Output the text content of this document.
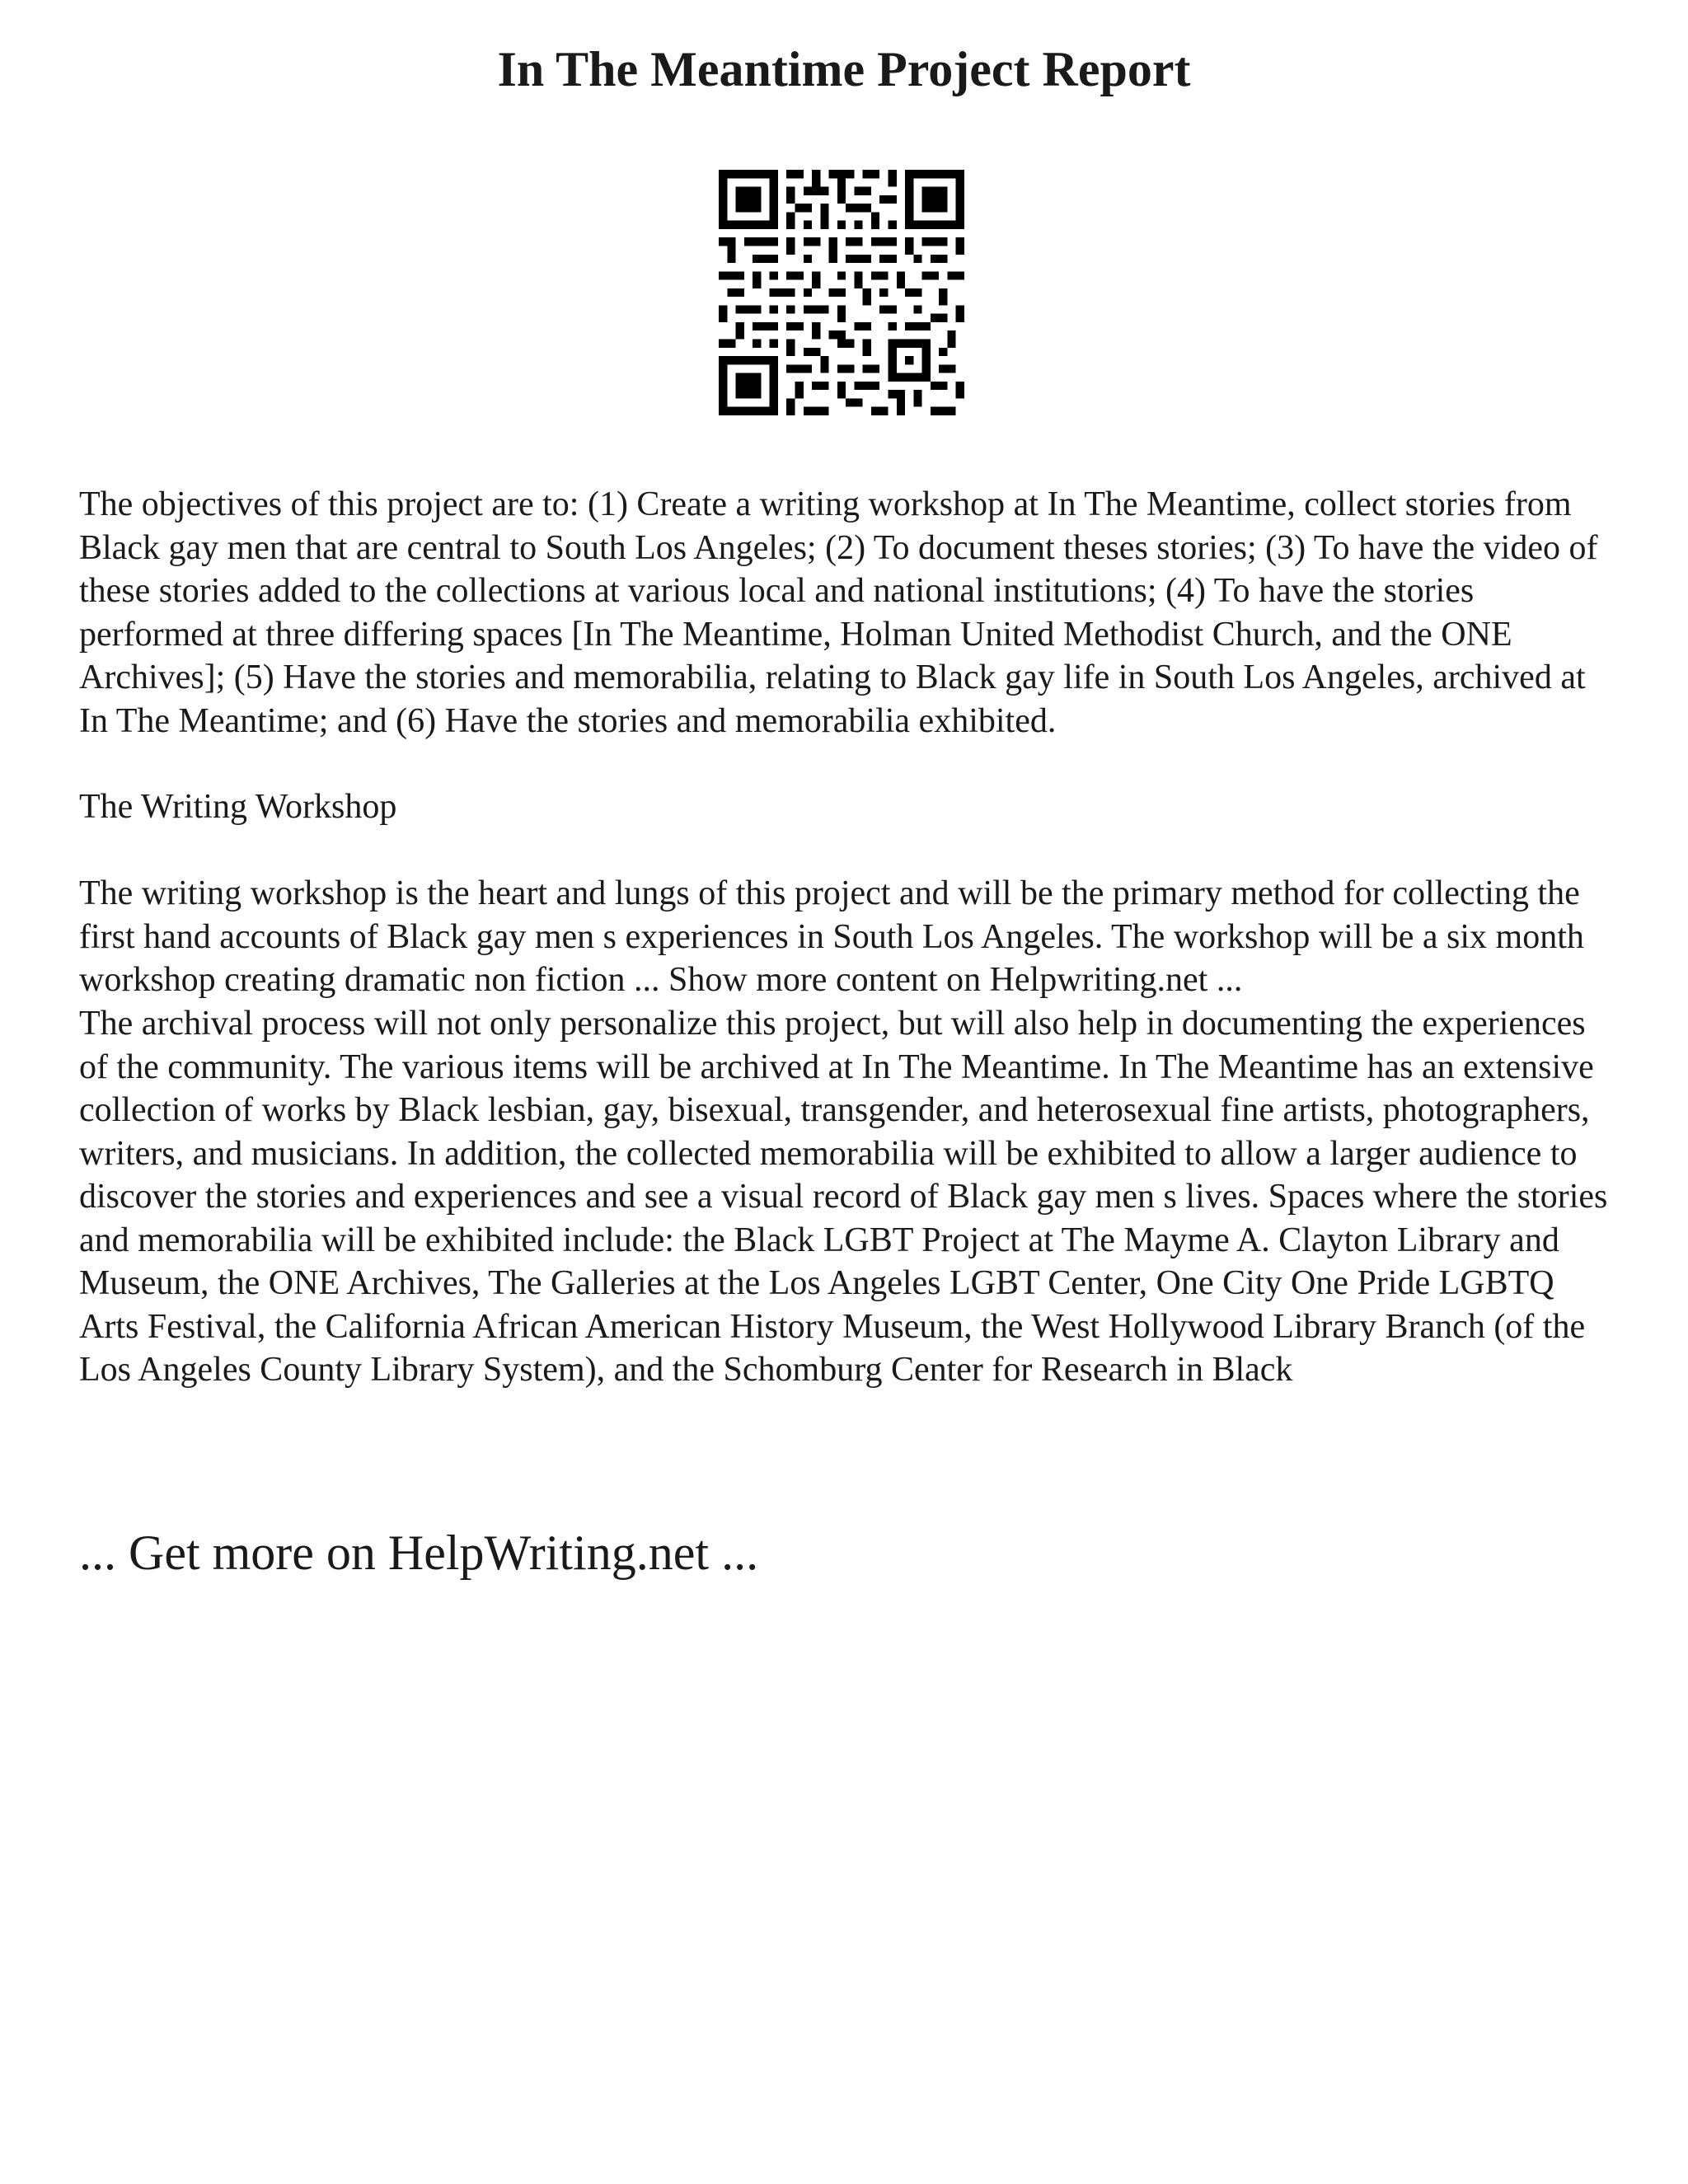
In The Meantime Project Report

The objectives of this project are to: (1) Create a writing workshop at In The Meantime, collect stories from Black gay men that are central to South Los Angeles; (2) To document theses stories; (3) To have the video of these stories added to the collections at various local and national institutions; (4) To have the stories performed at three differing spaces [In The Meantime, Holman United Methodist Church, and the ONE Archives]; (5) Have the stories and memorabilia, relating to Black gay life in South Los Angeles, archived at In The Meantime; and (6) Have the stories and memorabilia exhibited.

The Writing Workshop

The writing workshop is the heart and lungs of this project and will be the primary method for collecting the first hand accounts of Black gay men s experiences in South Los Angeles. The workshop will be a six month workshop creating dramatic non fiction ... Show more content on Helpwriting.net ...

The archival process will not only personalize this project, but will also help in documenting the experiences of the community. The various items will be archived at In The Meantime. In The Meantime has an extensive collection of works by Black lesbian, gay, bisexual, transgender, and heterosexual fine artists, photographers, writers, and musicians. In addition, the collected memorabilia will be exhibited to allow a larger audience to discover the stories and experiences and see a visual record of Black gay men s lives. Spaces where the stories and memorabilia will be exhibited include: the Black LGBT Project at The Mayme A. Clayton Library and Museum, the ONE Archives, The Galleries at the Los Angeles LGBT Center, One City One Pride LGBTQ Arts Festival, the California African American History Museum, the West Hollywood Library Branch (of the Los Angeles County Library System), and the Schomburg Center for Research in Black

... Get more on HelpWriting.net ...
